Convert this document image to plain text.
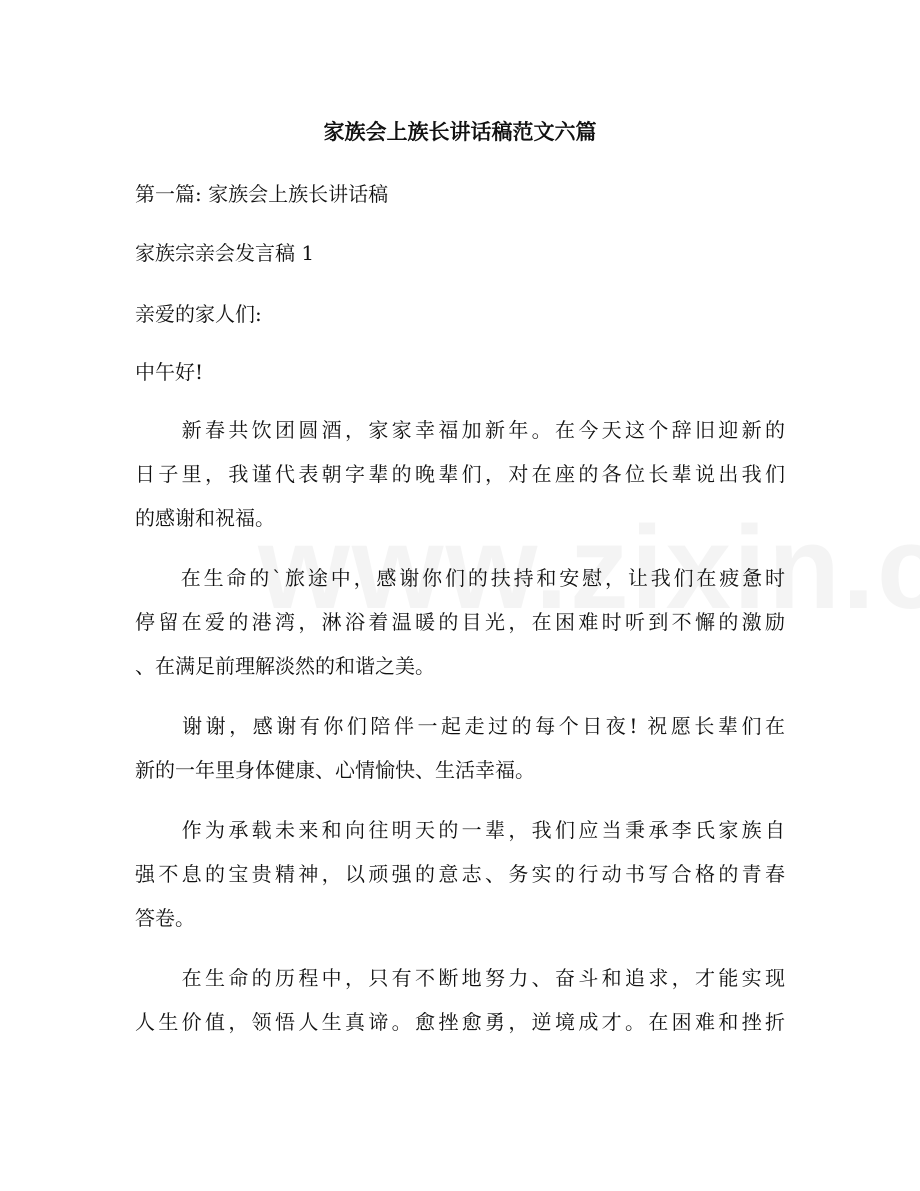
家族会上族长讲话稿范文六篇
第一篇: 家族会上族长讲话稿
家族宗亲会发言稿 1
亲爱的家人们:
中午好!
　　新春共饮团圆酒，家家幸福加新年。在今天这个辞旧迎新的
日子里，我谨代表朝字辈的晚辈们，对在座的各位长辈说出我们
的感谢和祝福。
　　在生命的`旅途中，感谢你们的扶持和安慰，让我们在疲惫时
停留在爱的港湾，淋浴着温暖的目光，在困难时听到不懈的激励
、在满足前理解淡然的和谐之美。
　　谢谢，感谢有你们陪伴一起走过的每个日夜! 祝愿长辈们在
新的一年里身体健康、心情愉快、生活幸福。
　　作为承载未来和向往明天的一辈，我们应当秉承李氏家族自
强不息的宝贵精神，以顽强的意志、务实的行动书写合格的青春
答卷。
　　在生命的历程中，只有不断地努力、奋斗和追求，才能实现
人生价值，领悟人生真谛。愈挫愈勇，逆境成才。在困难和挫折
